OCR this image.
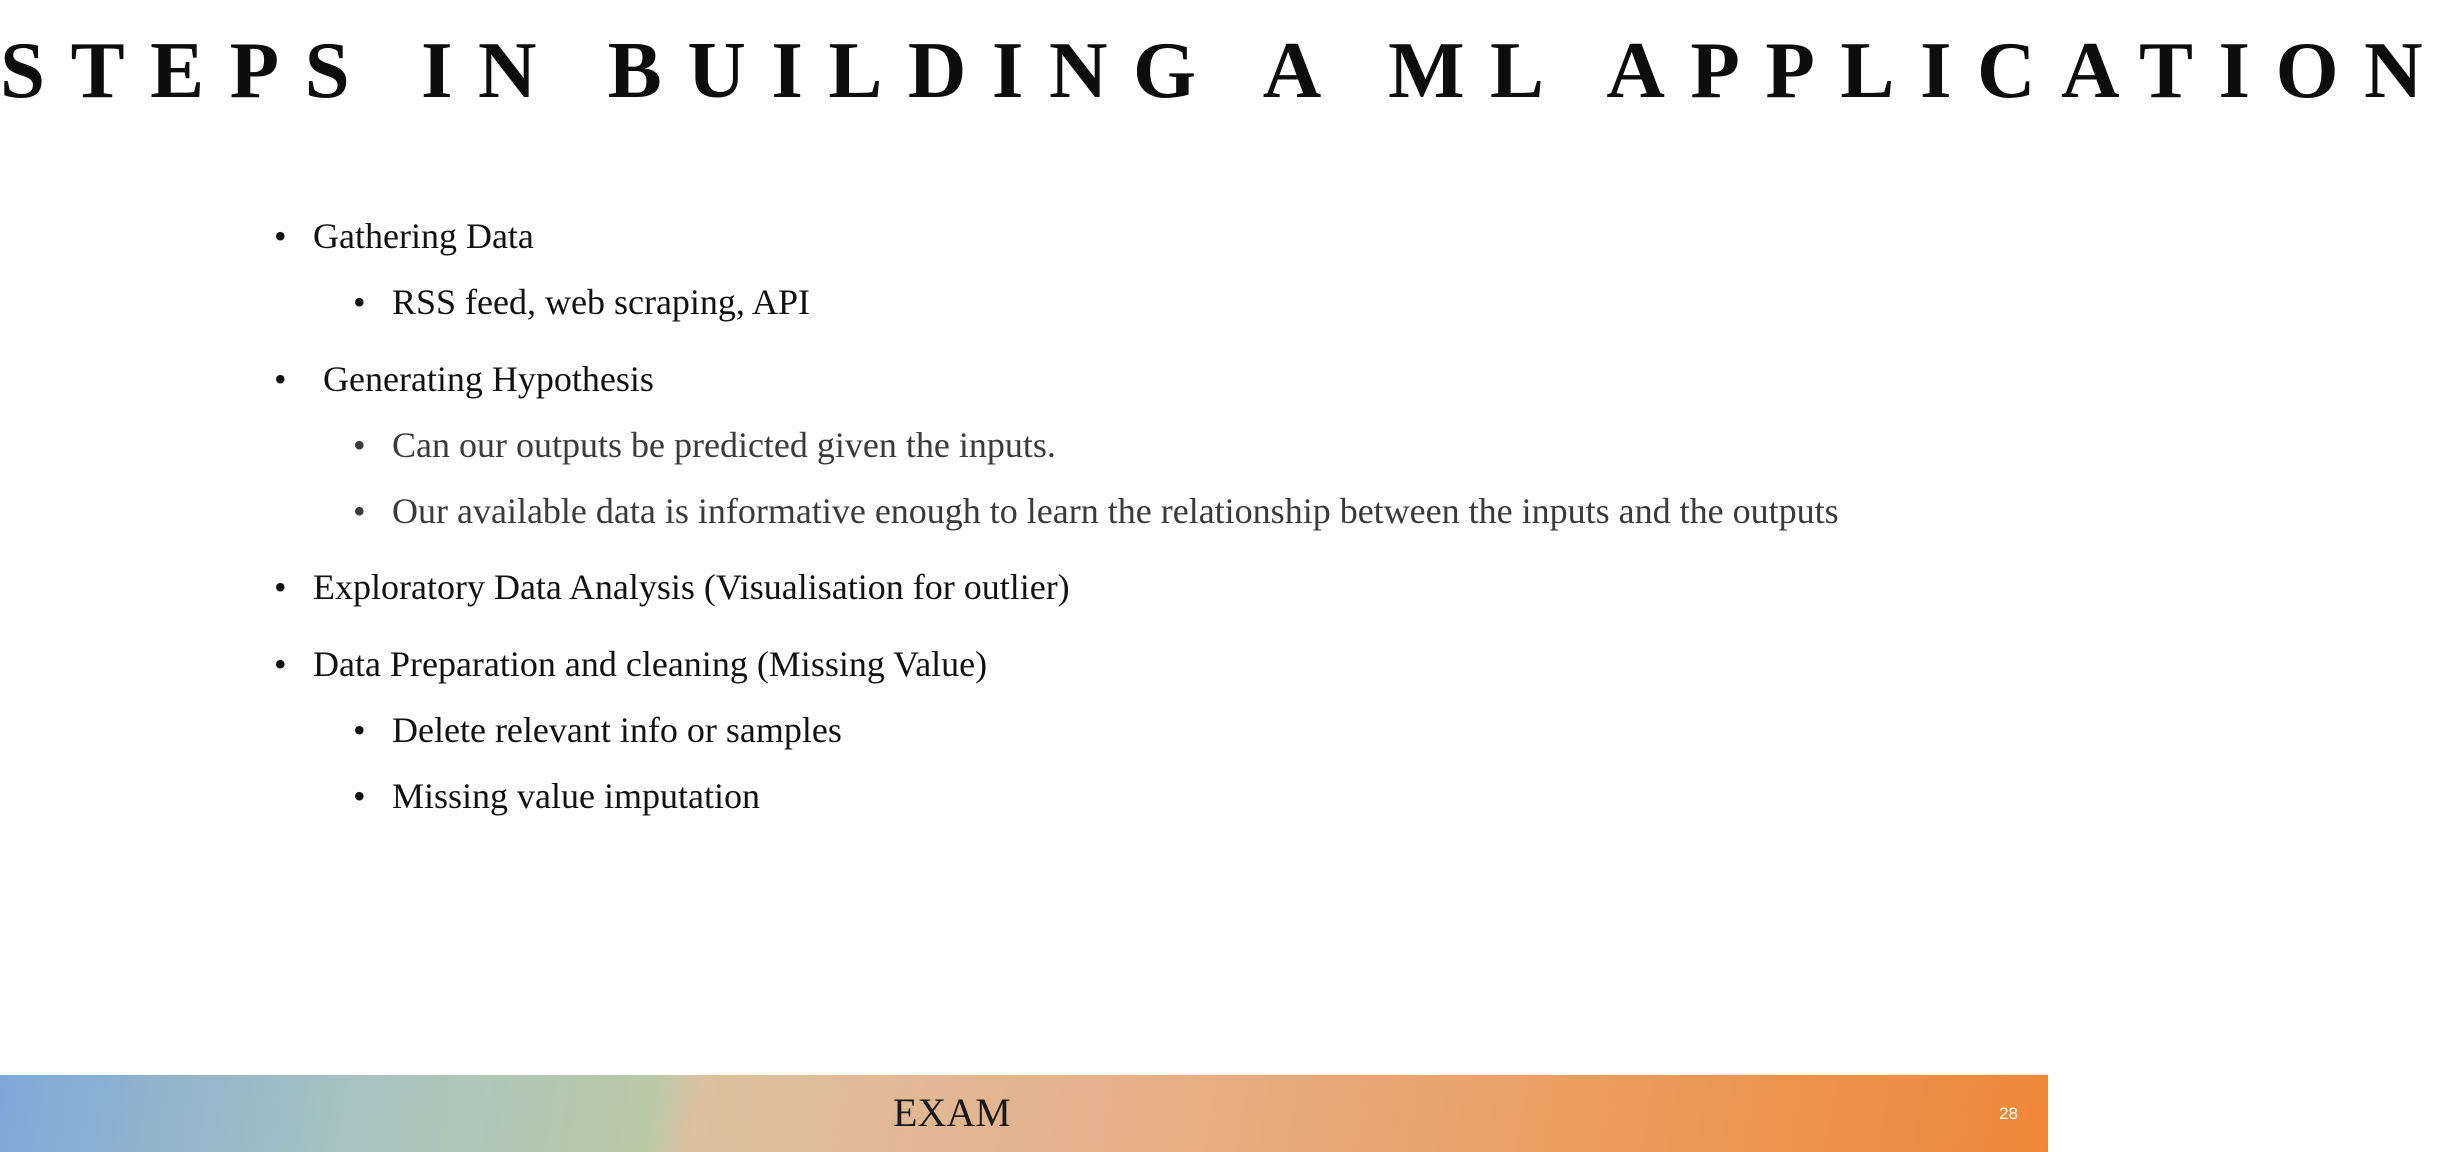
STEPS IN BUILDING A ML APPLICATION
• Gathering Data
• RSS feed, web scraping, API
• Generating Hypothesis
• Can our outputs be predicted given the inputs.
• Our available data is informative enough to learn the relationship between the inputs and the outputs
• Exploratory Data Analysis (Visualisation for outlier)
• Data Preparation and cleaning (Missing Value)
• Delete relevant info or samples
• Missing value imputation
EXAM	28
